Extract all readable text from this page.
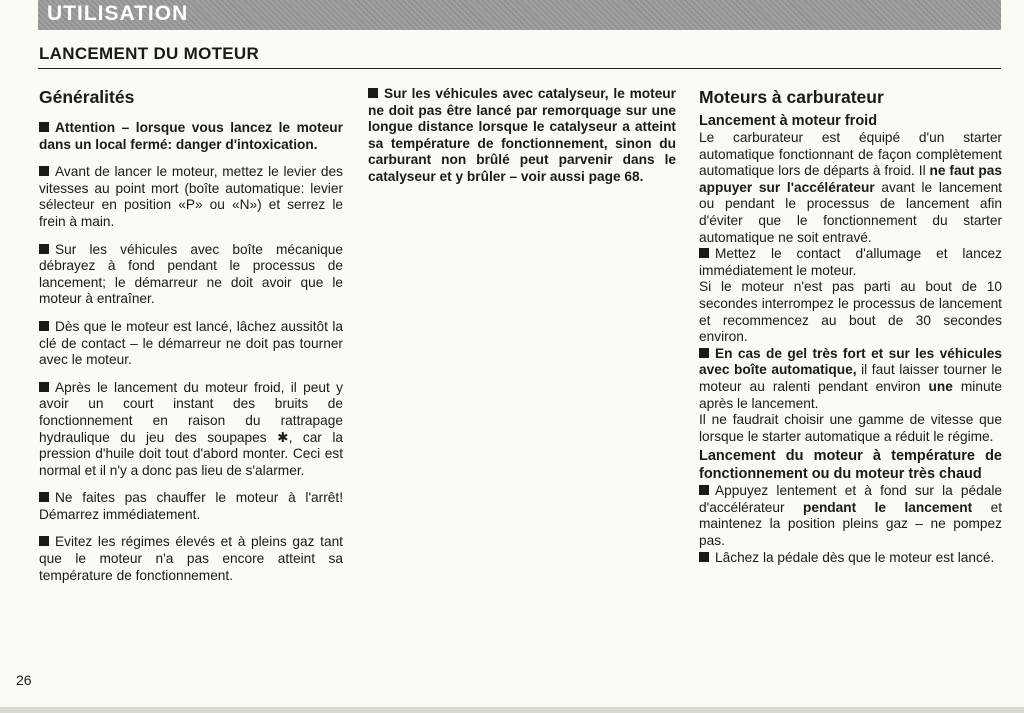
UTILISATION
LANCEMENT DU MOTEUR
Généralités

Attention – lorsque vous lancez le moteur dans un local fermé: danger d'intoxication.

Avant de lancer le moteur, mettez le levier des vitesses au point mort (boîte automatique: levier sélecteur en position «P» ou «N») et serrez le frein à main.

Sur les véhicules avec boîte mécanique débrayez à fond pendant le processus de lancement; le démarreur ne doit avoir que le moteur à entraîner.

Dès que le moteur est lancé, lâchez aussitôt la clé de contact – le démarreur ne doit pas tourner avec le moteur.

Après le lancement du moteur froid, il peut y avoir un court instant des bruits de fonctionnement en raison du rattrapage hydraulique du jeu des soupapes ✱, car la pression d'huile doit tout d'abord monter. Ceci est normal et il n'y a donc pas lieu de s'alarmer.

Ne faites pas chauffer le moteur à l'arrêt! Démarrez immédiatement.

Evitez les régimes élevés et à pleins gaz tant que le moteur n'a pas encore atteint sa température de fonctionnement.

Sur les véhicules avec catalyseur, le moteur ne doit pas être lancé par remorquage sur une longue distance lorsque le catalyseur a atteint sa température de fonctionnement, sinon du carburant non brûlé peut parvenir dans le catalyseur et y brûler – voir aussi page 68.

Moteurs à carburateur
Lancement à moteur froid

Le carburateur est équipé d'un starter automatique fonctionnant de façon complètement automatique lors de départs à froid. Il ne faut pas appuyer sur l'accélérateur avant le lancement ou pendant le processus de lancement afin d'éviter que le fonctionnement du starter automatique ne soit entravé.

Mettez le contact d'allumage et lancez immédiatement le moteur.

Si le moteur n'est pas parti au bout de 10 secondes interrompez le processus de lancement et recommencez au bout de 30 secondes environ.

En cas de gel très fort et sur les véhicules avec boîte automatique, il faut laisser tourner le moteur au ralenti pendant environ une minute après le lancement.

Il ne faudrait choisir une gamme de vitesse que lorsque le starter automatique a réduit le régime.

Lancement du moteur à température de fonctionnement ou du moteur très chaud

Appuyez lentement et à fond sur la pédale d'accélérateur pendant le lancement et maintenez la position pleins gaz – ne pompez pas.

Lâchez la pédale dès que le moteur est lancé.

26
